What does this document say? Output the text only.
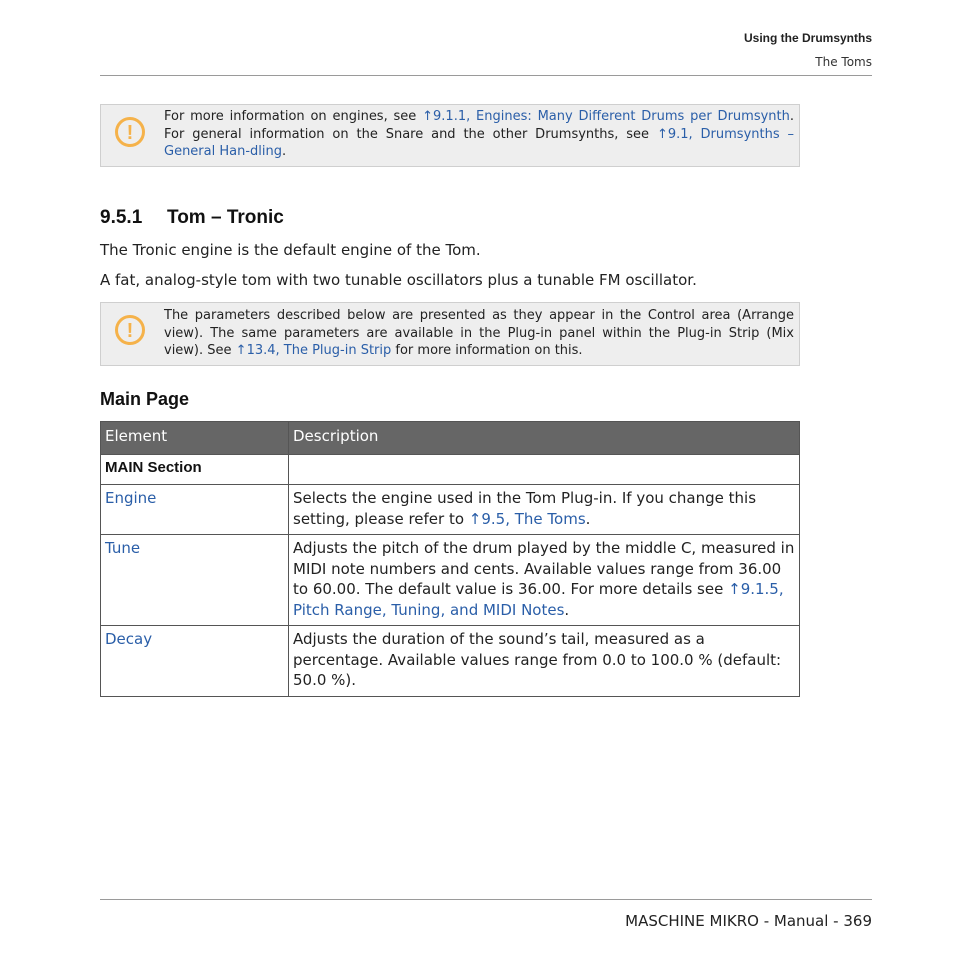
Using the Drumsynths
The Toms
!
For more information on engines, see ↑9.1.1, Engines: Many Different Drums per Drumsynth. For general information on the Snare and the other Drumsynths, see ↑9.1, Drumsynths – General Han-dling.
9.5.1 Tom – Tronic
The Tronic engine is the default engine of the Tom.
A fat, analog-style tom with two tunable oscillators plus a tunable FM oscillator.
!
The parameters described below are presented as they appear in the Control area (Arrange view). The same parameters are available in the Plug-in panel within the Plug-in Strip (Mix view). See ↑13.4, The Plug-in Strip for more information on this.
Main Page
Element	Description
MAIN Section	
Engine	Selects the engine used in the Tom Plug-in. If you change this setting, please refer to ↑9.5, The Toms.
Tune	Adjusts the pitch of the drum played by the middle C, measured in MIDI note numbers and cents. Available values range from 36.00 to 60.00. The default value is 36.00. For more details see ↑9.1.5, Pitch Range, Tuning, and MIDI Notes.
Decay	Adjusts the duration of the sound’s tail, measured as a percentage. Available values range from 0.0 to 100.0 % (default: 50.0 %).
MASCHINE MIKRO - Manual - 369
